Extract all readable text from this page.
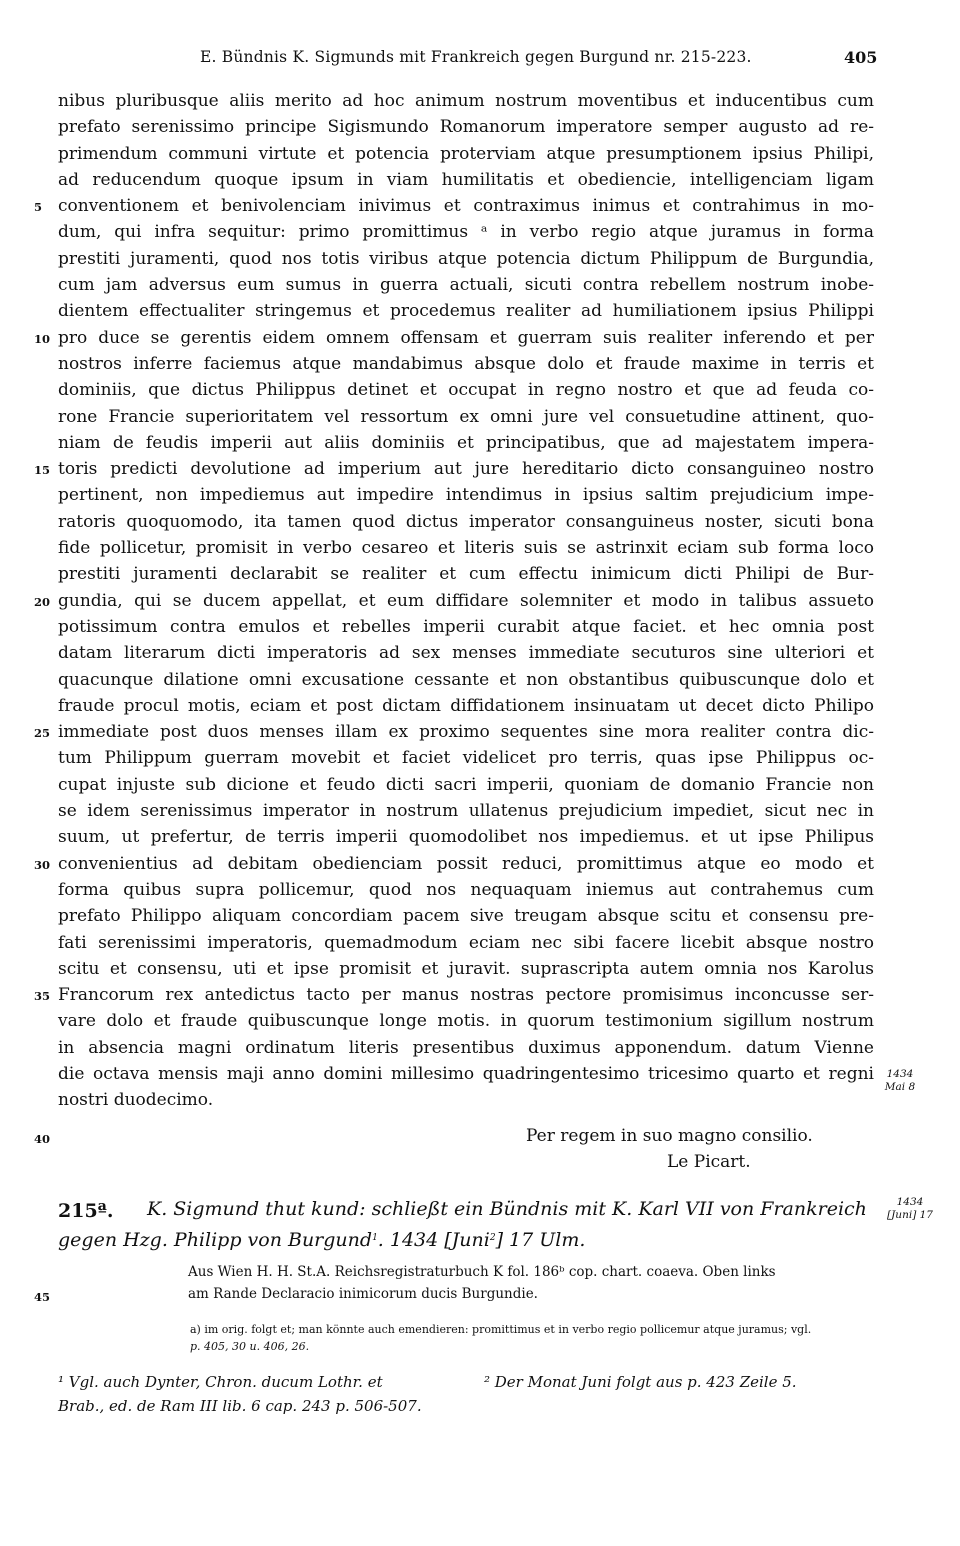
E. Bündnis K. Sigmunds mit Frankreich gegen Burgund nr. 215-223.	405
nibus pluribusque aliis merito ad hoc animum nostrum moventibus et inducentibus cum
prefato serenissimo principe Sigismundo Romanorum imperatore semper augusto ad re-
primendum communi virtute et potencia proterviam atque presumptionem ipsius Philipi,
ad reducendum quoque ipsum in viam humilitatis et obediencie, intelligenciam ligam
5 conventionem et benivolenciam inivimus et contraximus inimus et contrahimus in mo-
dum, qui infra sequitur: primo promittimus ᵃ in verbo regio atque juramus in forma
prestiti juramenti, quod nos totis viribus atque potencia dictum Philippum de Burgundia,
cum jam adversus eum sumus in guerra actuali, sicuti contra rebellem nostrum inobe-
dientem effectualiter stringemus et procedemus realiter ad humiliationem ipsius Philippi
10 pro duce se gerentis eidem omnem offensam et guerram suis realiter inferendo et per
nostros inferre faciemus atque mandabimus absque dolo et fraude maxime in terris et
dominiis, que dictus Philippus detinet et occupat in regno nostro et que ad feuda co-
rone Francie superioritatem vel ressortum ex omni jure vel consuetudine attinent, quo-
niam de feudis imperii aut aliis dominiis et principatibus, que ad majestatem impera-
15 toris predicti devolutione ad imperium aut jure hereditario dicto consanguineo nostro
pertinent, non impediemus aut impedire intendimus in ipsius saltim prejudicium impe-
ratoris quoquomodo, ita tamen quod dictus imperator consanguineus noster, sicuti bona
fide pollicetur, promisit in verbo cesareo et literis suis se astrinxit eciam sub forma loco
prestiti juramenti declarabit se realiter et cum effectu inimicum dicti Philipi de Bur-
20 gundia, qui se ducem appellat, et eum diffidare solemniter et modo in talibus assueto
potissimum contra emulos et rebelles imperii curabit atque faciet. et hec omnia post
datam literarum dicti imperatoris ad sex menses immediate secuturos sine ulteriori et
quacunque dilatione omni excusatione cessante et non obstantibus quibuscunque dolo et
fraude procul motis, eciam et post dictam diffidationem insinuatam ut decet dicto Philipo
25 immediate post duos menses illam ex proximo sequentes sine mora realiter contra dic-
tum Philippum guerram movebit et faciet videlicet pro terris, quas ipse Philippus oc-
cupat injuste sub dicione et feudo dicti sacri imperii, quoniam de domanio Francie non
se idem serenissimus imperator in nostrum ullatenus prejudicium impediet, sicut nec in
suum, ut prefertur, de terris imperii quomodolibet nos impediemus. et ut ipse Philipus
30 convenientius ad debitam obedienciam possit reduci, promittimus atque eo modo et
forma quibus supra pollicemur, quod nos nequaquam iniemus aut contrahemus cum
prefato Philippo aliquam concordiam pacem sive treugam absque scitu et consensu pre-
fati serenissimi imperatoris, quemadmodum eciam nec sibi facere licebit absque nostro
scitu et consensu, uti et ipse promisit et juravit. suprascripta autem omnia nos Karolus
35 Francorum rex antedictus tacto per manus nostras pectore promisimus inconcusse ser-
vare dolo et fraude quibuscunque longe motis. in quorum testimonium sigillum nostrum
in absencia magni ordinatum literis presentibus duximus apponendum. datum Vienne
die octava mensis maji anno domini millesimo quadringentesimo tricesimo quarto et regni
nostri duodecimo.
1434
Mai 8
Per regem in suo magno consilio.
Le Picart.
40
45
215ª. K. Sigmund thut kund: schließt ein Bündnis mit K. Karl VII von Frankreich
gegen Hzg. Philipp von Burgund$^1$. 1434 [Juni$^2$] 17 Ulm.
1434
[Juni] 17
Aus Wien H. H. St.A. Reichsregistraturbuch K fol. 186ᵇ cop. chart. coaeva. Oben links
am Rande Declaracio inimicorum ducis Burgundie.
a) im orig. folgt et; man könnte auch emendieren: promittimus et in verbo regio pollicemur atque juramus; vgl.
p. 405, 30 u. 406, 26.
¹ Vgl. auch Dynter, Chron. ducum Lothr. et
Brab., ed. de Ram III lib. 6 cap. 243 p. 506-507.
² Der Monat Juni folgt aus p. 423 Zeile 5.
